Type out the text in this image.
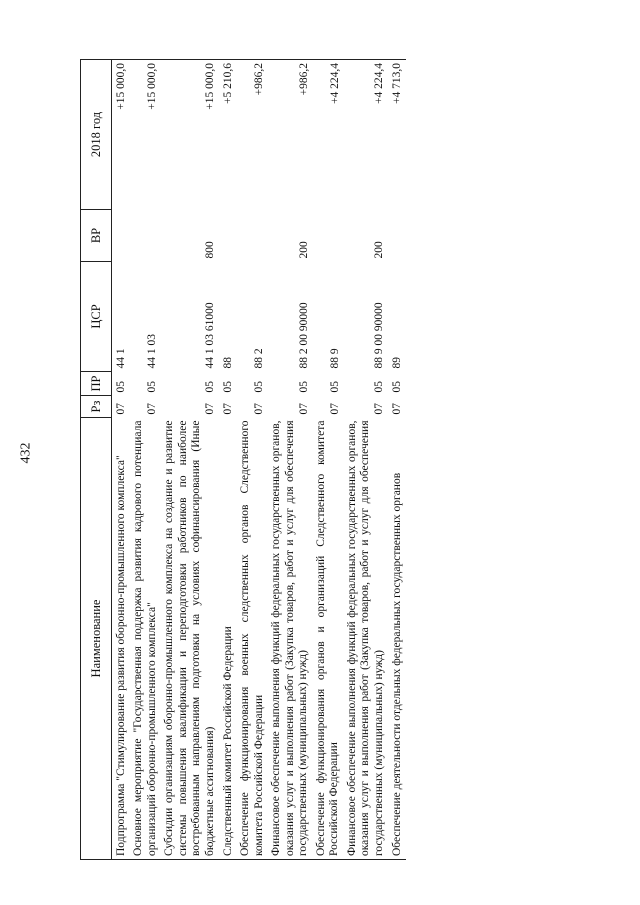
432
Наименование	Рз	ПР	ЦСР	ВР	2018 год
Подпрограмма "Стимулирование развития оборонно-промышленного комплекса"	07	05	44 1		+15 000,0
Основное мероприятие "Государственная поддержка развития кадрового потенциала организаций оборонно-промышленного комплекса"	07	05	44 1 03		+15 000,0
Субсидии организациям оборонно-промышленного комплекса на создание и развитие системы повышения квалификации и переподготовки работников по наиболее востребованным направлениям подготовки на условиях софинансирования (Иные бюджетные ассигнования)	07	05	44 1 03 61000	800	+15 000,0
Следственный комитет Российской Федерации	07	05	88		+5 210,6
Обеспечение функционирования военных следственных органов Следственного комитета Российской Федерации	07	05	88 2		+986,2
Финансовое обеспечение выполнения функций федеральных государственных органов, оказания услуг и выполнения работ (Закупка товаров, работ и услуг для обеспечения государственных (муниципальных) нужд)	07	05	88 2 00 90000	200	+986,2
Обеспечение функционирования органов и организаций Следственного комитета Российской Федерации	07	05	88 9		+4 224,4
Финансовое обеспечение выполнения функций федеральных государственных органов, оказания услуг и выполнения работ (Закупка товаров, работ и услуг для обеспечения государственных (муниципальных) нужд)	07	05	88 9 00 90000	200	+4 224,4
Обеспечение деятельности отдельных федеральных государственных органов	07	05	89		+4 713,0
